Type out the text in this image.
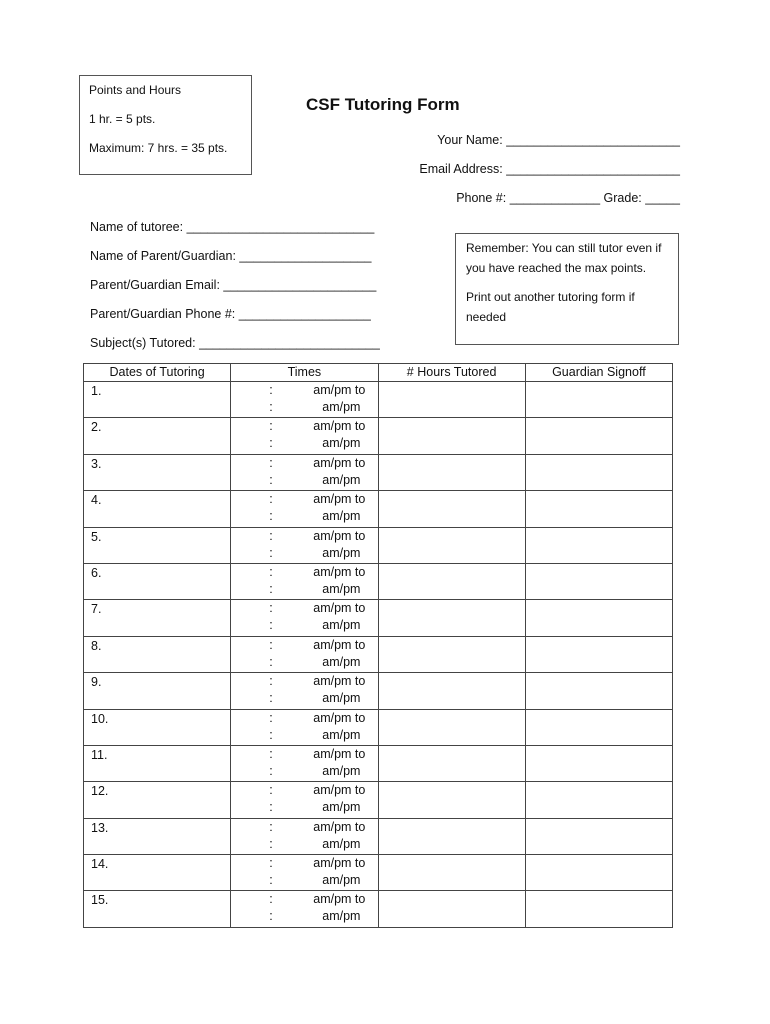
Points and Hours
1 hr. = 5 pts.
Maximum: 7 hrs. = 35 pts.
CSF Tutoring Form
Your Name: _________________________
Email Address: _________________________
Phone #: _____________ Grade: _____
Name of tutoree: ___________________________
Name of Parent/Guardian: ___________________
Parent/Guardian Email: ______________________
Parent/Guardian Phone #: ___________________
Subject(s) Tutored: __________________________

Remember: You can still tutor even if you have reached the max points.

Print out another tutoring form if needed

Dates of Tutoring	Times	# Hours Tutored	Guardian Signoff
1.	: am/pm to
: am/pm		

2.	: am/pm to
: am/pm		

3.	: am/pm to
: am/pm		

4.	: am/pm to
: am/pm		

5.	: am/pm to
: am/pm		

6.	: am/pm to
: am/pm		

7.	: am/pm to
: am/pm		

8.	: am/pm to
: am/pm		

9.	: am/pm to
: am/pm		

10.	: am/pm to
: am/pm		

11.	: am/pm to
: am/pm		

12.	: am/pm to
: am/pm		

13.	: am/pm to
: am/pm		

14.	: am/pm to
: am/pm		

15.	: am/pm to
: am/pm		
